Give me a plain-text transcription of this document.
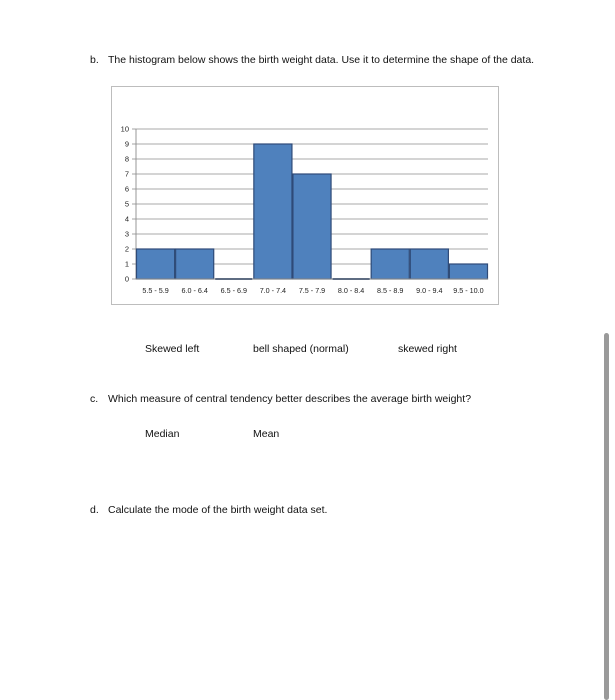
b. The histogram below shows the birth weight data. Use it to determine the shape of the data.
0
1
2
3
4
5
6
7
8
9
10
5.5 - 5.9 6.0 - 6.4 6.5 - 6.9 7.0 - 7.4 7.5 - 7.9 8.0 - 8.4 8.5 - 8.9 9.0 - 9.4 9.5 - 10.0
Skewed left	bell shaped (normal)	skewed right
c. Which measure of central tendency better describes the average birth weight?
Median	Mean
d. Calculate the mode of the birth weight data set.
